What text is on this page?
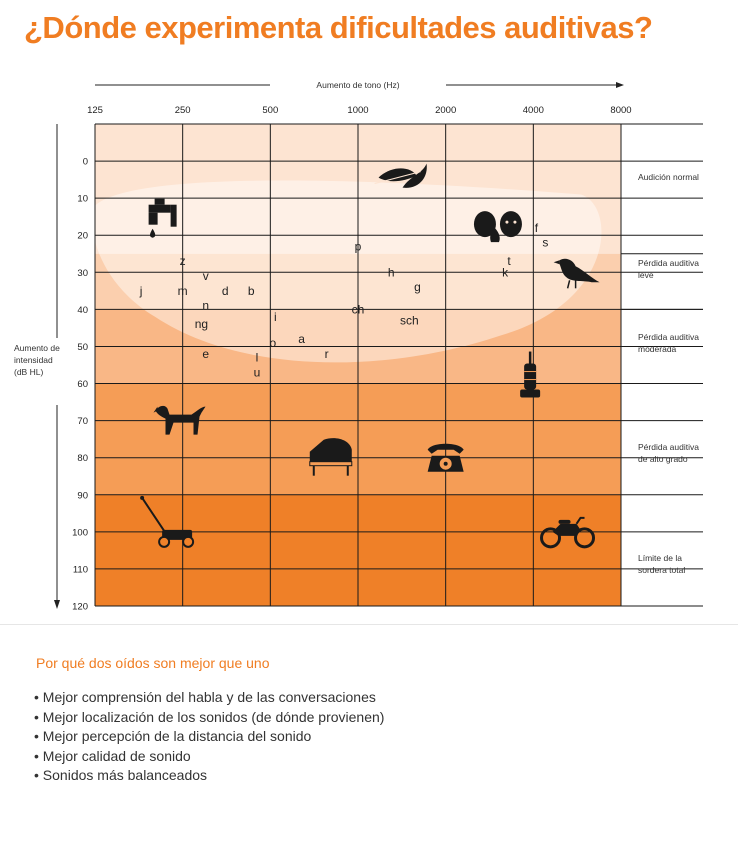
¿Dónde experimenta dificultades auditivas?
125	250	500	1000	2000	4000	8000
Aumento de tono (Hz)
0
10
20
30
40
50
60
70
80
90
100
110
120
Aumento de
intensidad
(dB HL)
z
v
j	m	d b
n
ng
e	l
u
i
o a
r
p
h
ch
g
sch
f
s
t
k
Audición normal
Pérdida auditiva
leve
Pérdida auditiva
moderada
Pérdida auditiva
de alto grado
Límite de la
sordera total
Por qué dos oídos son mejor que uno
• Mejor comprensión del habla y de las conversaciones
• Mejor localización de los sonidos (de dónde provienen)
• Mejor percepción de la distancia del sonido
• Mejor calidad de sonido
• Sonidos más balanceados
